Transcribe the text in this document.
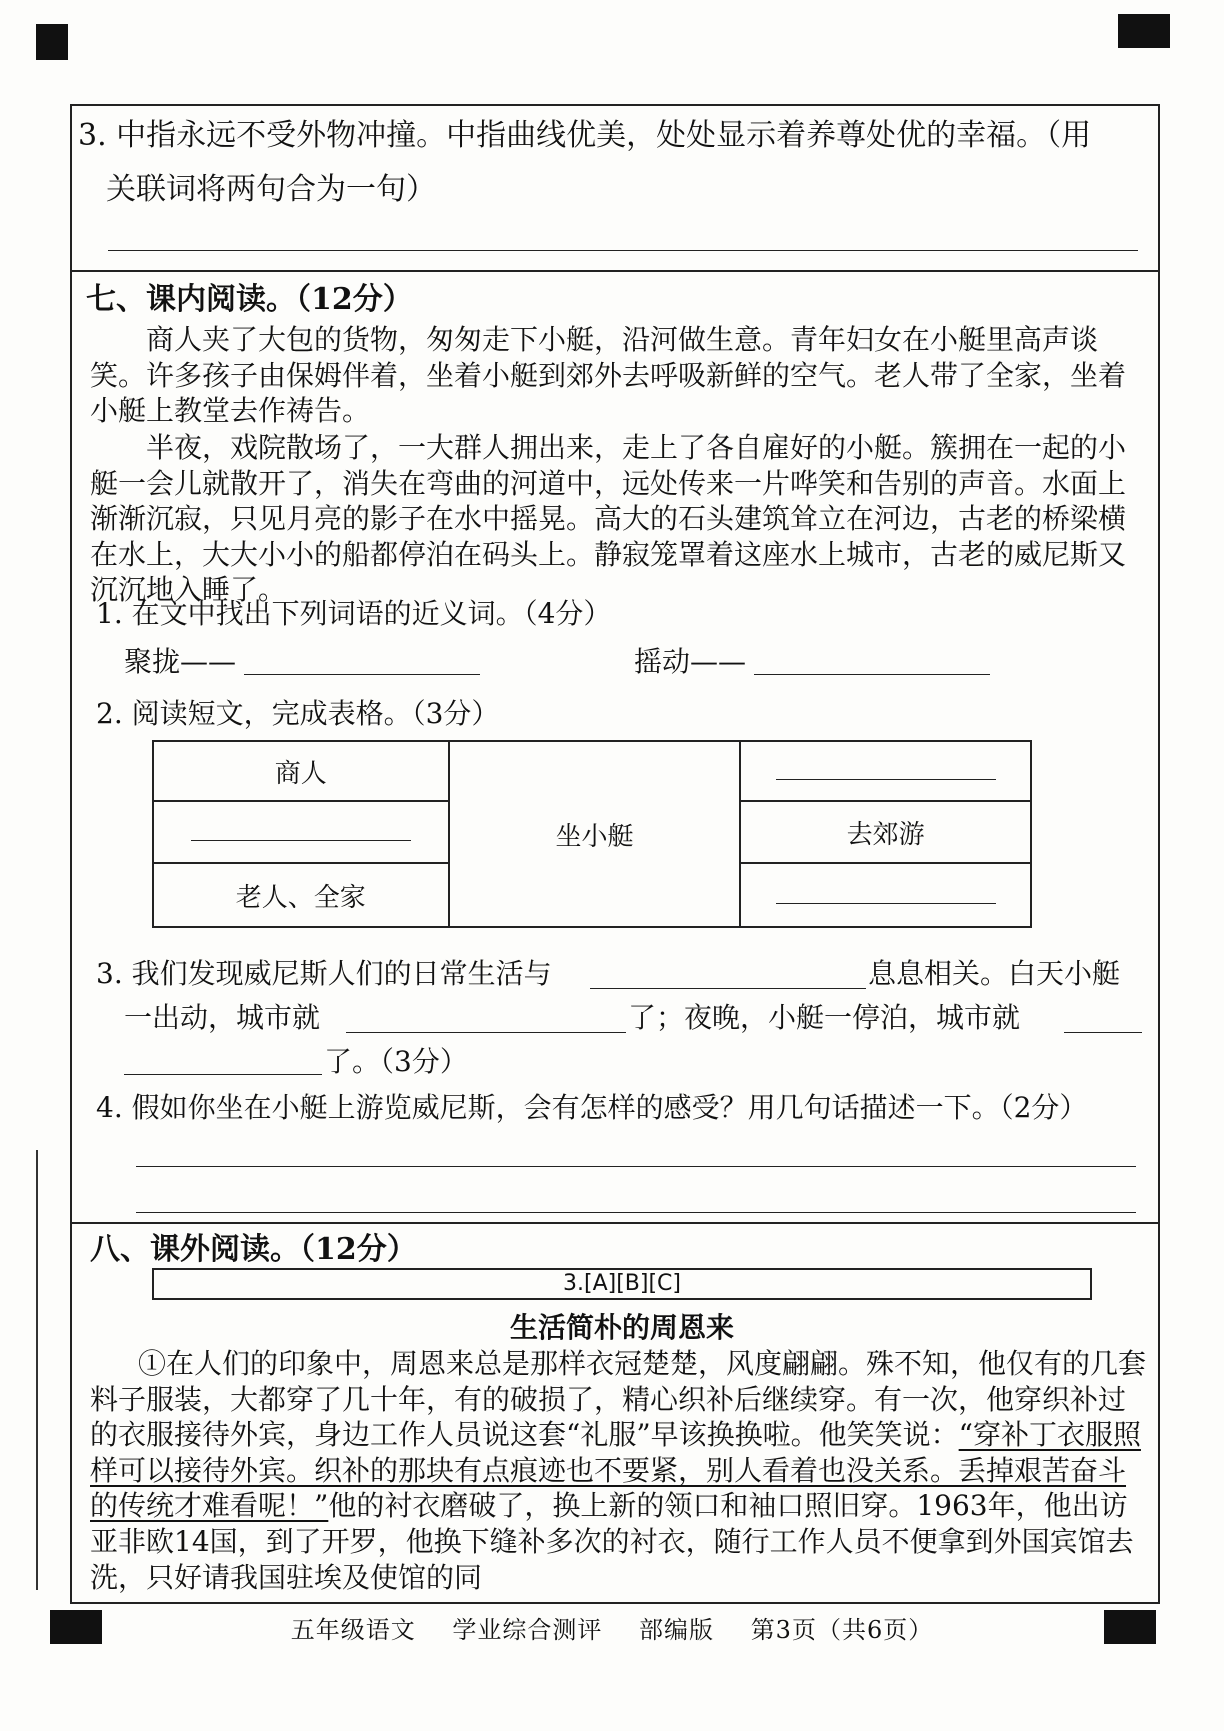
3. 中指永远不受外物冲撞。中指曲线优美，处处显示着养尊处优的幸福。（用
关联词将两句合为一句）
七、课内阅读。（12分）
商人夹了大包的货物，匆匆走下小艇，沿河做生意。青年妇女在小艇里高声谈笑。许多孩子由保姆伴着，坐着小艇到郊外去呼吸新鲜的空气。老人带了全家，坐着小艇上教堂去作祷告。
半夜，戏院散场了，一大群人拥出来，走上了各自雇好的小艇。簇拥在一起的小艇一会儿就散开了，消失在弯曲的河道中，远处传来一片哗笑和告别的声音。水面上渐渐沉寂，只见月亮的影子在水中摇晃。高大的石头建筑耸立在河边，古老的桥梁横在水上，大大小小的船都停泊在码头上。静寂笼罩着这座水上城市，古老的威尼斯又沉沉地入睡了。
1. 在文中找出下列词语的近义词。（4分）
聚拢——	摇动——
2. 阅读短文，完成表格。（3分）
商人	坐小艇	
		去郊游
老人、全家		
3. 我们发现威尼斯人们的日常生活与	息息相关。白天小艇
一出动，城市就	了；夜晚，小艇一停泊，城市就
了。（3分）
4. 假如你坐在小艇上游览威尼斯，会有怎样的感受？用几句话描述一下。（2分）
八、课外阅读。（12分）
3.[A][B][C]
生活简朴的周恩来
①在人们的印象中，周恩来总是那样衣冠楚楚，风度翩翩。殊不知，他仅有的几套料子服装，大都穿了几十年，有的破损了，精心织补后继续穿。有一次，他穿织补过的衣服接待外宾，身边工作人员说这套“礼服”早该换换啦。他笑笑说：“穿补丁衣服照样可以接待外宾。织补的那块有点痕迹也不要紧，别人看着也没关系。丢掉艰苦奋斗的传统才难看呢！”他的衬衣磨破了，换上新的领口和袖口照旧穿。1963年，他出访亚非欧14国，到了开罗，他换下缝补多次的衬衣，随行工作人员不便拿到外国宾馆去洗，只好请我国驻埃及使馆的同
五年级语文 学业综合测评 部编版 第3页（共6页）
